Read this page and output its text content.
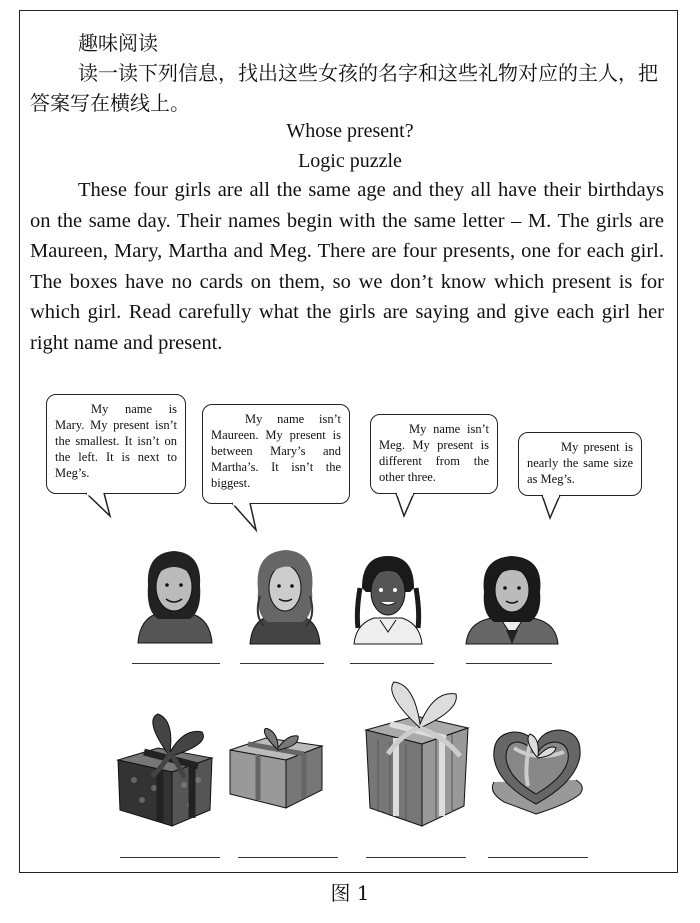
趣味阅读
读一读下列信息，找出这些女孩的名字和这些礼物对应的主人，把答案写在横线上。
Whose present?
Logic puzzle
These four girls are all the same age and they all have their birthdays on the same day. Their names begin with the same letter – M. The girls are Maureen, Mary, Martha and Meg. There are four presents, one for each girl. The boxes have no cards on them, so we don’t know which present is for which girl. Read carefully what the girls are saying and give each girl her right name and present.
My name is Mary. My present isn’t the smallest. It isn’t on the left. It is next to Meg’s.
My name isn’t Maureen. My present is between Mary’s and Martha’s. It isn’t the biggest.
My name isn’t Meg. My present is different from the other three.
My present is nearly the same size as Meg’s.
图 1
